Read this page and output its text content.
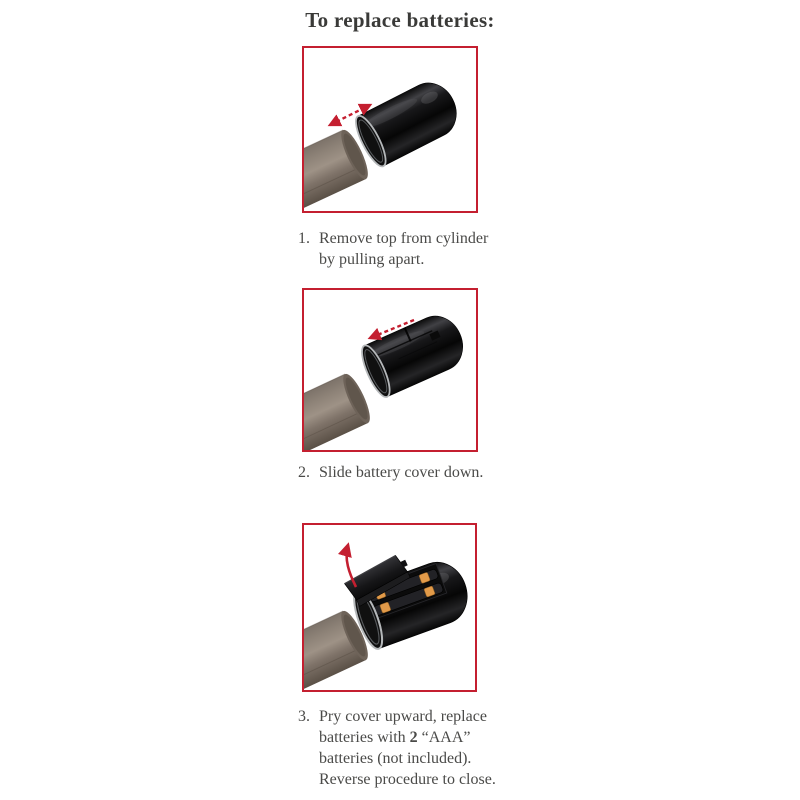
To replace batteries:
1. Remove top from cylinder
by pulling apart.
2. Slide battery cover down.
3. Pry cover upward, replace
batteries with 2 “AAA”
batteries (not included).
Reverse procedure to close.
